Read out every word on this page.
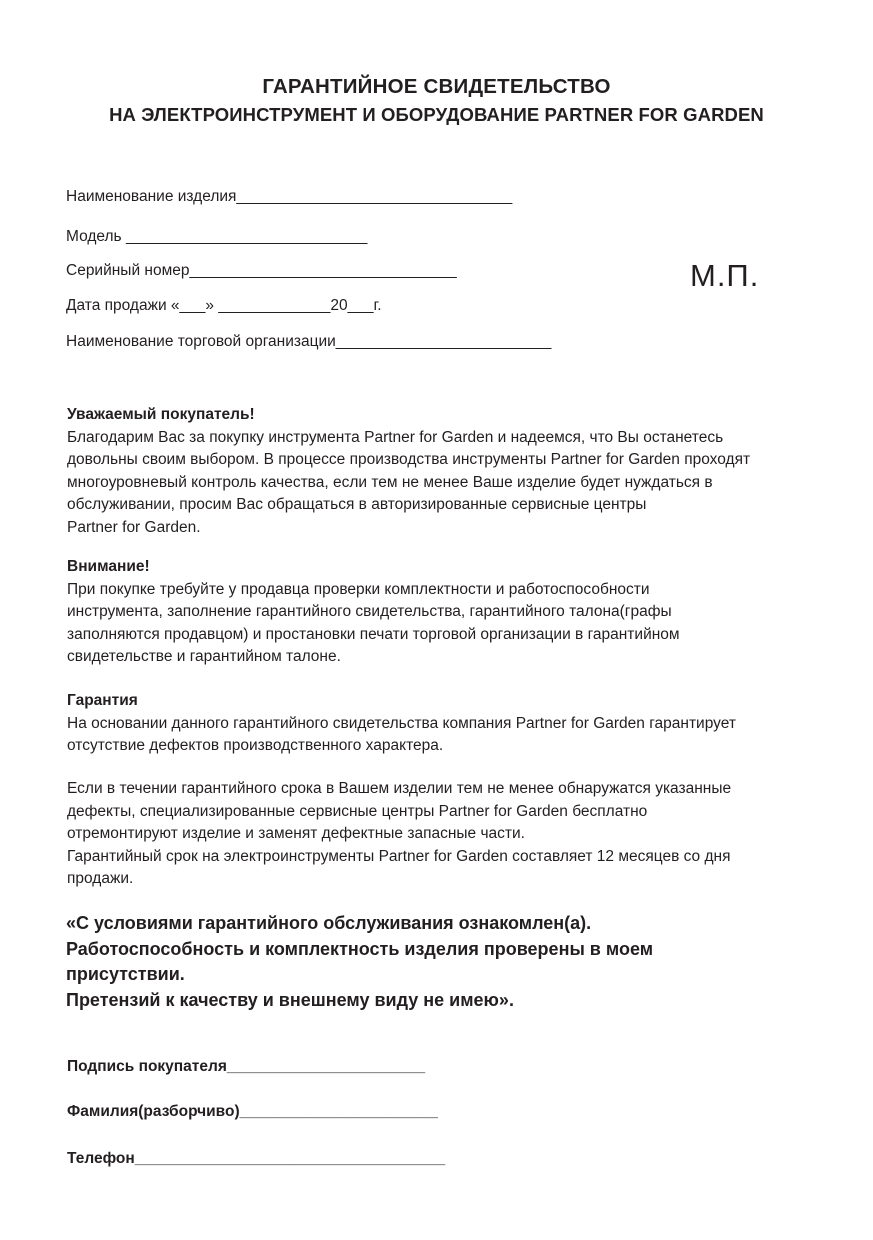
ГАРАНТИЙНОЕ СВИДЕТЕЛЬСТВО
НА ЭЛЕКТРОИНСТРУМЕНТ И ОБОРУДОВАНИЕ PARTNER FOR GARDEN
Наименование изделия________________________________
Модель ____________________________
Серийный номер_______________________________
Дата продажи «___» _____________20___г.
Наименование торговой организации_________________________
М.П.
Уважаемый покупатель!
Благодарим Вас за покупку инструмента Partner for Garden и надеемся, что Вы останетесь
довольны своим выбором. В процессе производства инструменты Partner for Garden проходят
многоуровневый контроль качества, если тем не менее Ваше изделие будет нуждаться в
обслуживании, просим Вас обращаться в авторизированные сервисные центры
Partner for Garden.
Внимание!
При покупке требуйте у продавца проверки комплектности и работоспособности
инструмента, заполнение гарантийного свидетельства, гарантийного талона(графы
заполняются продавцом) и простановки печати торговой организации в гарантийном
свидетельстве и гарантийном талоне.
Гарантия
На основании данного гарантийного свидетельства компания Partner for Garden гарантирует
отсутствие дефектов производственного характера.
Если в течении гарантийного срока в Вашем изделии тем не менее обнаружатся указанные
дефекты, специализированные сервисные центры Partner for Garden бесплатно
отремонтируют изделие и заменят дефектные запасные части.
Гарантийный срок на электроинструменты Partner for Garden составляет 12 месяцев со дня
продажи.
«С условиями гарантийного обслуживания ознакомлен(а).
Работоспособность и комплектность изделия проверены в моем
присутствии.
Претензий к качеству и внешнему виду не имею».
Подпись покупателя_______________________
Фамилия(разборчиво)_______________________
Телефон____________________________________
